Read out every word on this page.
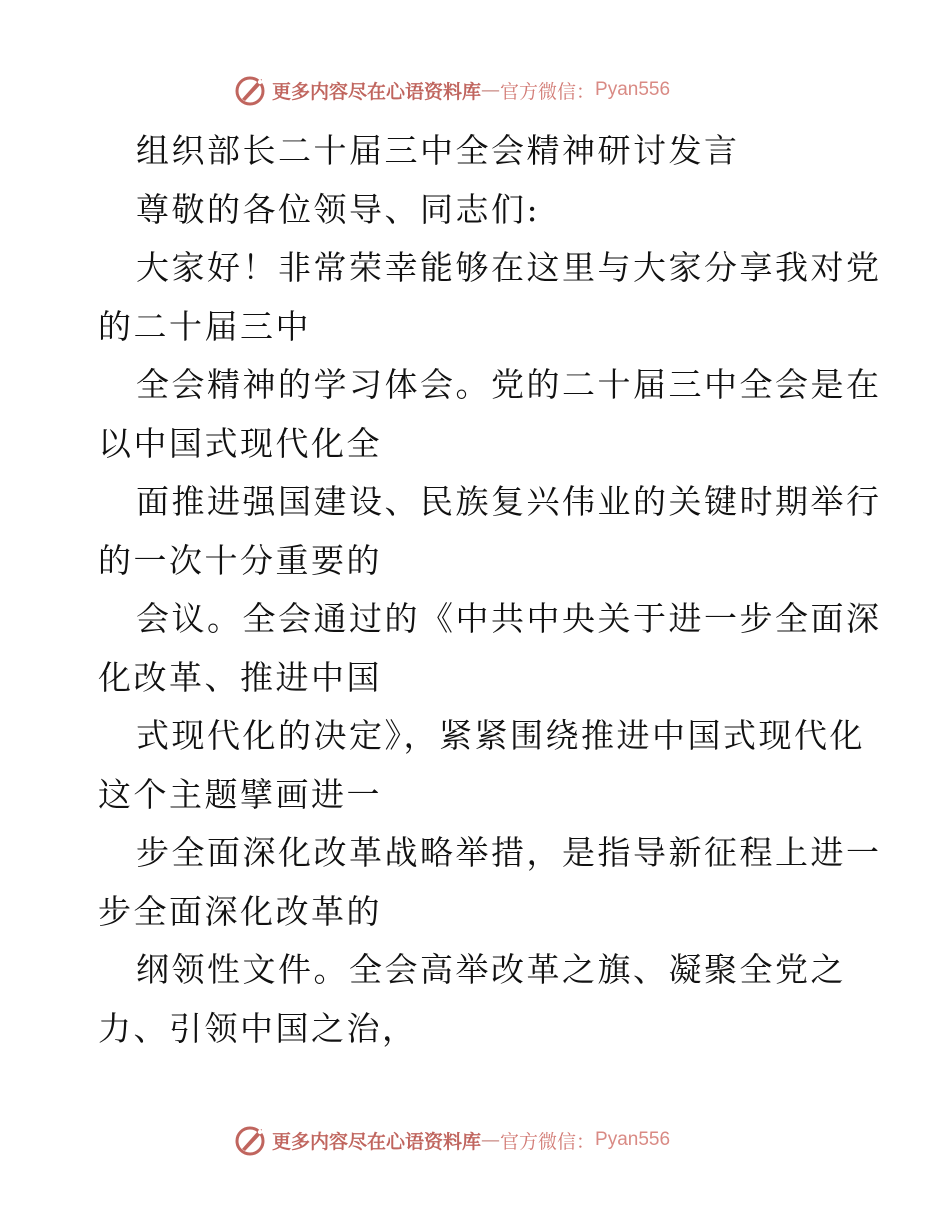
更多内容尽在心语资料库 — 官方微信： Pyan556
组织部长二十届三中全会精神研讨发言
尊敬的各位领导、同志们:
大家好！非常荣幸能够在这里与大家分享我对党
的二十届三中
全会精神的学习体会。党的二十届三中全会是在
以中国式现代化全
面推进强国建设、民族复兴伟业的关键时期举行
的一次十分重要的
会议。全会通过的《中共中央关于进一步全面深
化改革、推进中国
式现代化的决定》，紧紧围绕推进中国式现代化
这个主题擘画进一
步全面深化改革战略举措，是指导新征程上进一
步全面深化改革的
纲领性文件。全会高举改革之旗、凝聚全党之
力、引领中国之治，
更多内容尽在心语资料库 — 官方微信： Pyan556
